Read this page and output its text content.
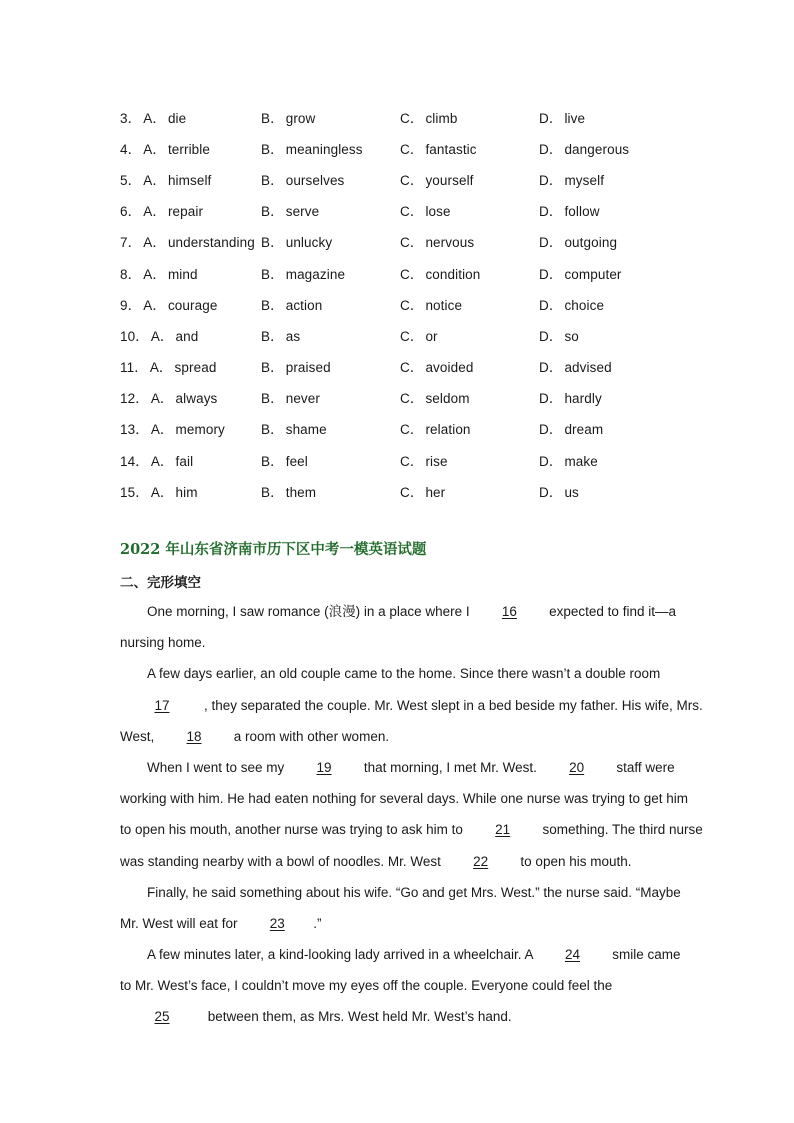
3． A． die	B． grow	C． climb	D． live
4． A． terrible	B． meaningless	C． fantastic	D． dangerous
5． A． himself	B． ourselves	C． yourself	D． myself
6． A． repair	B． serve	C． lose	D． follow
7． A． understanding B． unlucky	C． nervous	D． outgoing
8． A． mind	B． magazine	C． condition	D． computer
9． A． courage	B． action	C． notice	D． choice
10． A． and	B． as	C． or	D． so
11． A． spread	B． praised	C． avoided	D． advised
12． A． always	B． never	C． seldom	D． hardly
13． A． memory	B． shame	C． relation	D． dream
14． A． fail	B． feel	C． rise	D． make
15． A． him	B． them	C． her	D． us
2022 年山东省济南市历下区中考一模英语试题
二、完形填空
One morning, I saw romance (浪漫) in a place where I 16 expected to find it—a
nursing home.
A few days earlier, an old couple came to the home. Since there wasn’t a double room
17	, they separated the couple. Mr. West slept in a bed beside my father. His wife, Mrs.
West, 18 a room with other women.
When I went to see my 19 that morning, I met Mr. West. 20 staff were
working with him. He had eaten nothing for several days. While one nurse was trying to get him
to open his mouth, another nurse was trying to ask him to 21 something. The third nurse
was standing nearby with a bowl of noodles. Mr. West 22 to open his mouth.
Finally, he said something about his wife. “Go and get Mrs. West.” the nurse said. “Maybe
Mr. West will eat for 23 .”
A few minutes later, a kind-looking lady arrived in a wheelchair. A 24 smile came
to Mr. West’s face, I couldn’t move my eyes off the couple. Everyone could feel the
25	between them, as Mrs. West held Mr. West’s hand.
